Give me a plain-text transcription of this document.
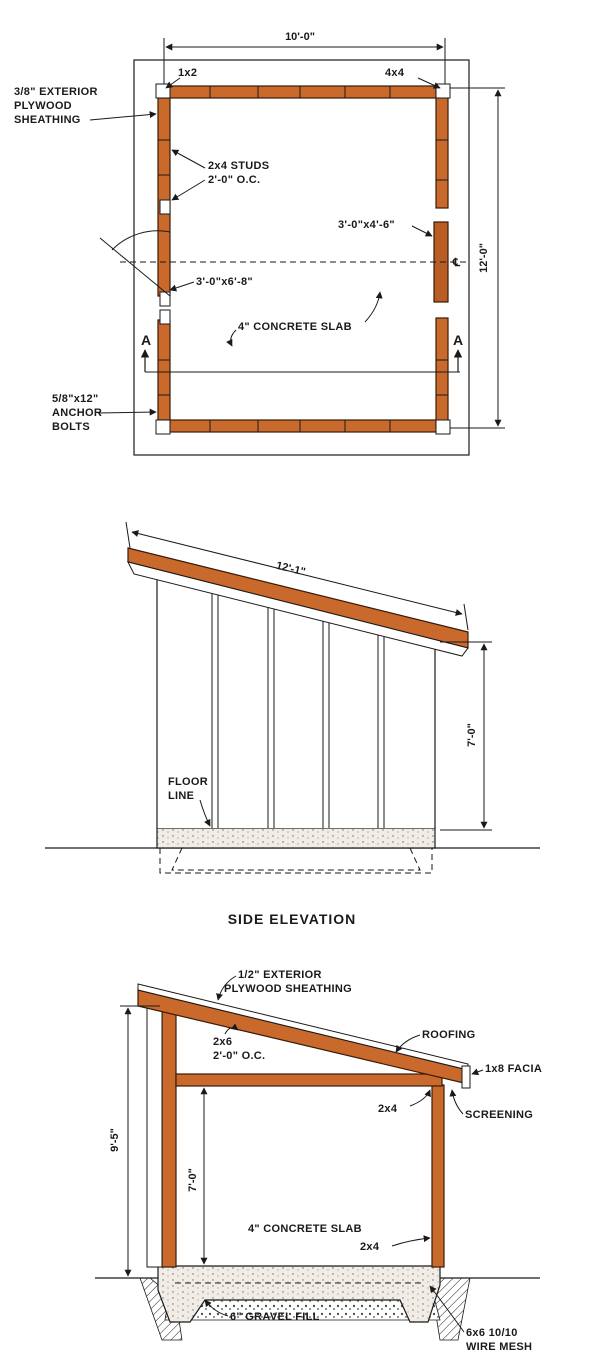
10'-0"
12'-0"
℄
A	A
1x2	4x4
3/8" EXTERIOR
PLYWOOD
SHEATHING
2x4 STUDS
2'-0" O.C.
3'-0"x4'-6"
3'-0"x6'-8"
4" CONCRETE SLAB
5/8"x12"
ANCHOR
BOLTS
12'-1"
7'-0"
FLOOR
LINE
SIDE ELEVATION
9'-5"
7'-0"
1/2" EXTERIOR
PLYWOOD SHEATHING
2x6
2'-0" O.C.
ROOFING
1x8 FACIA
2x4	SCREENING
4" CONCRETE SLAB
2x4
6" GRAVEL FILL
6x6 10/10
WIRE MESH
